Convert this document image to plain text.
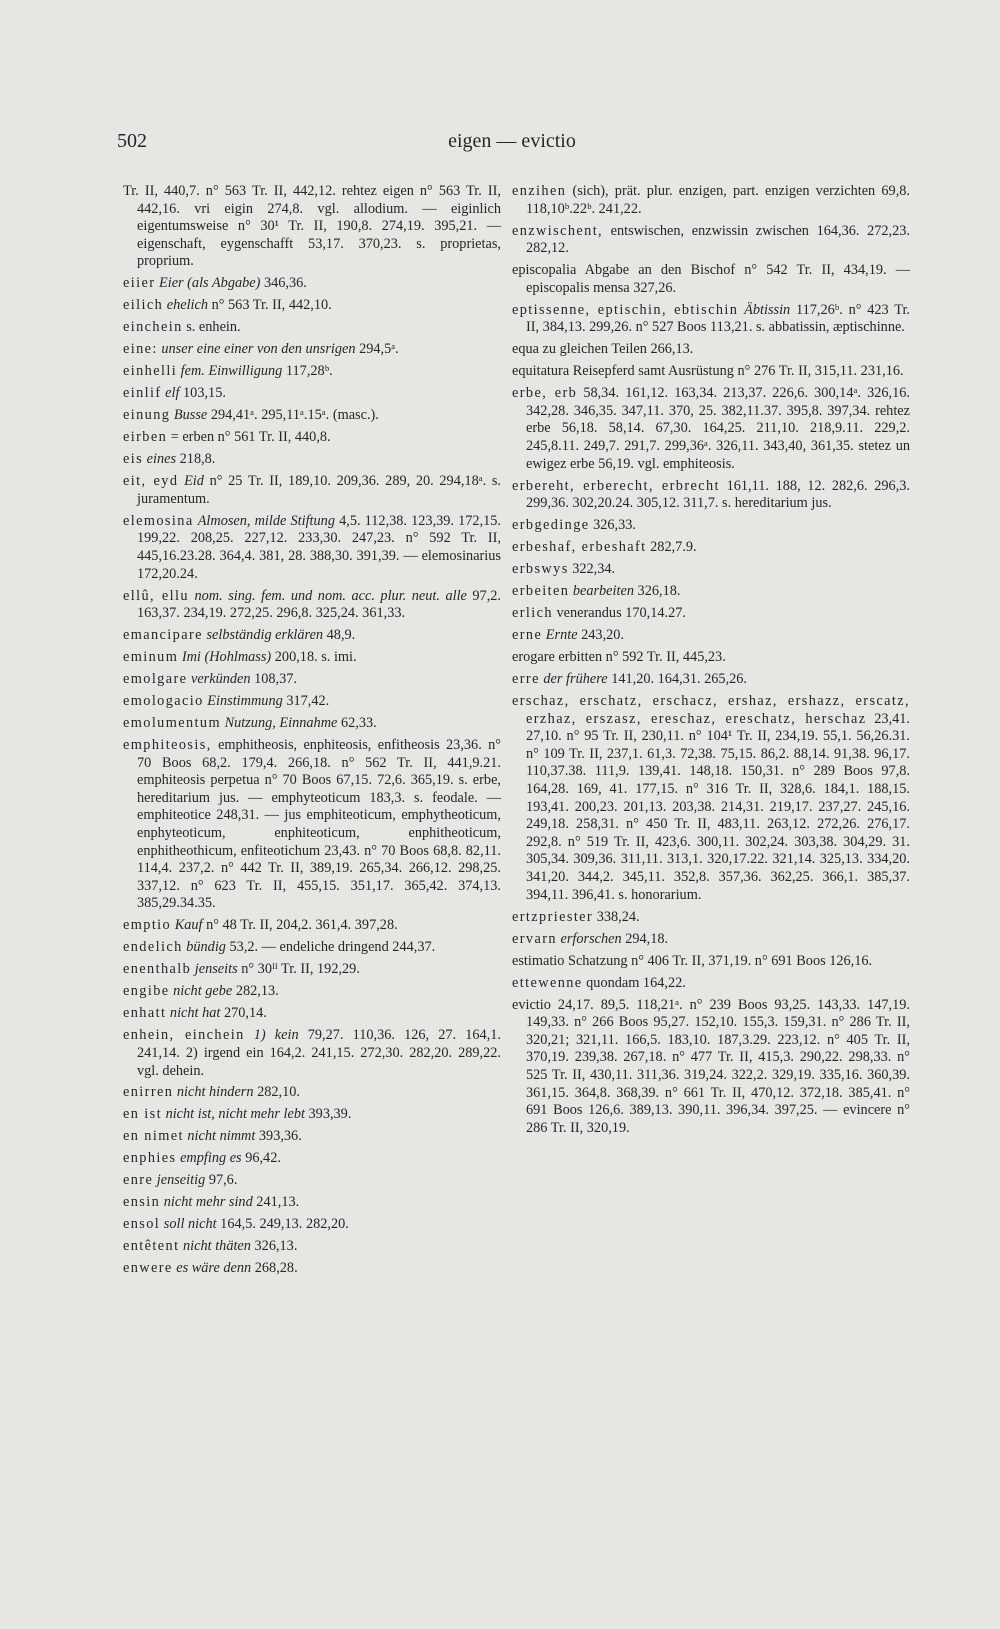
502	eigen — evictio

Tr. II, 440,7. n° 563 Tr. II, 442,12. rehtez eigen n° 563 Tr. II, 442,16. vri eigin 274,8. vgl. allodium. — eiginlich eigentumsweise n° 30¹ Tr. II, 190,8. 274,19. 395,21. — eigenschaft, eygenschafft 53,17. 370,23. s. proprietas, proprium.

eiier Eier (als Abgabe) 346,36.

eilich ehelich n° 563 Tr. II, 442,10.

einchein s. enhein.

eine: unser eine einer von den unsrigen 294,5ᵃ.

einhelli fem. Einwilligung 117,28ᵇ.

einlif elf 103,15.

einung Busse 294,41ᵃ. 295,11ᵃ.15ᵃ. (masc.).

eirben = erben n° 561 Tr. II, 440,8.

eis eines 218,8.

eit, eyd Eid n° 25 Tr. II, 189,10. 209,36. 289, 20. 294,18ᵃ. s. juramentum.

elemosina Almosen, milde Stiftung 4,5. 112,38. 123,39. 172,15. 199,22. 208,25. 227,12. 233,30. 247,23. n° 592 Tr. II, 445,16.23.28. 364,4. 381, 28. 388,30. 391,39. — elemosinarius 172,20.24.

ellû, ellu nom. sing. fem. und nom. acc. plur. neut. alle 97,2. 163,37. 234,19. 272,25. 296,8. 325,24. 361,33.

emancipare selbständig erklären 48,9.

eminum Imi (Hohlmass) 200,18. s. imi.

emolgare verkünden 108,37.

emologacio Einstimmung 317,42.

emolumentum Nutzung, Einnahme 62,33.

emphiteosis, emphitheosis, enphiteosis, enfitheosis 23,36. n° 70 Boos 68,2. 179,4. 266,18. n° 562 Tr. II, 441,9.21. emphiteosis perpetua n° 70 Boos 67,15. 72,6. 365,19. s. erbe, hereditarium jus. — emphyteoticum 183,3. s. feodale. — emphiteotice 248,31. — jus emphiteoticum, emphytheoticum, enphyteoticum, enphiteoticum, enphitheoticum, enphitheothicum, enfiteotichum 23,43. n° 70 Boos 68,8. 82,11. 114,4. 237,2. n° 442 Tr. II, 389,19. 265,34. 266,12. 298,25. 337,12. n° 623 Tr. II, 455,15. 351,17. 365,42. 374,13. 385,29.34.35.

emptio Kauf n° 48 Tr. II, 204,2. 361,4. 397,28.

endelich bündig 53,2. — endeliche dringend 244,37.

enenthalb jenseits n° 30ᴵᴵ Tr. II, 192,29.

engibe nicht gebe 282,13.

enhatt nicht hat 270,14.

enhein, einchein 1) kein 79,27. 110,36. 126, 27. 164,1. 241,14. 2) irgend ein 164,2. 241,15. 272,30. 282,20. 289,22. vgl. dehein.

enirren nicht hindern 282,10.

en ist nicht ist, nicht mehr lebt 393,39.

en nimet nicht nimmt 393,36.

enphies empfing es 96,42.

enre jenseitig 97,6.

ensin nicht mehr sind 241,13.

ensol soll nicht 164,5. 249,13. 282,20.

entêtent nicht thäten 326,13.

enwere es wäre denn 268,28.

enzihen (sich), prät. plur. enzigen, part. enzigen verzichten 69,8. 118,10ᵇ.22ᵇ. 241,22.

enzwischent, entswischen, enzwissin zwischen 164,36. 272,23. 282,12.

episcopalia Abgabe an den Bischof n° 542 Tr. II, 434,19. — episcopalis mensa 327,26.

eptissenne, eptischin, ebtischin Äbtissin 117,26ᵇ. n° 423 Tr. II, 384,13. 299,26. n° 527 Boos 113,21. s. abbatissin, æptischinne.

equa zu gleichen Teilen 266,13.

equitatura Reisepferd samt Ausrüstung n° 276 Tr. II, 315,11. 231,16.

erbe, erb 58,34. 161,12. 163,34. 213,37. 226,6. 300,14ᵃ. 326,16. 342,28. 346,35. 347,11. 370, 25. 382,11.37. 395,8. 397,34. rehtez erbe 56,18. 58,14. 67,30. 164,25. 211,10. 218,9.11. 229,2. 245,8.11. 249,7. 291,7. 299,36ᵃ. 326,11. 343,40, 361,35. stetez un ewigez erbe 56,19. vgl. emphiteosis.

erbereht, erberecht, erbrecht 161,11. 188, 12. 282,6. 296,3. 299,36. 302,20.24. 305,12. 311,7. s. hereditarium jus.

erbgedinge 326,33.

erbeshaf, erbeshaft 282,7.9.

erbswys 322,34.

erbeiten bearbeiten 326,18.

erlich venerandus 170,14.27.

erne Ernte 243,20.

erogare erbitten n° 592 Tr. II, 445,23.

erre der frühere 141,20. 164,31. 265,26.

erschaz, erschatz, erschacz, ershaz, ershazz, erscatz, erzhaz, erszasz, ereschaz, ereschatz, herschaz 23,41. 27,10. n° 95 Tr. II, 230,11. n° 104¹ Tr. II, 234,19. 55,1. 56,26.31. n° 109 Tr. II, 237,1. 61,3. 72,38. 75,15. 86,2. 88,14. 91,38. 96,17. 110,37.38. 111,9. 139,41. 148,18. 150,31. n° 289 Boos 97,8. 164,28. 169, 41. 177,15. n° 316 Tr. II, 328,6. 184,1. 188,15. 193,41. 200,23. 201,13. 203,38. 214,31. 219,17. 237,27. 245,16. 249,18. 258,31. n° 450 Tr. II, 483,11. 263,12. 272,26. 276,17. 292,8. n° 519 Tr. II, 423,6. 300,11. 302,24. 303,38. 304,29. 31. 305,34. 309,36. 311,11. 313,1. 320,17.22. 321,14. 325,13. 334,20. 341,20. 344,2. 345,11. 352,8. 357,36. 362,25. 366,1. 385,37. 394,11. 396,41. s. honorarium.

ertzpriester 338,24.

ervarn erforschen 294,18.

estimatio Schatzung n° 406 Tr. II, 371,19. n° 691 Boos 126,16.

ettewenne quondam 164,22.

evictio 24,17. 89,5. 118,21ᵃ. n° 239 Boos 93,25. 143,33. 147,19. 149,33. n° 266 Boos 95,27. 152,10. 155,3. 159,31. n° 286 Tr. II, 320,21; 321,11. 166,5. 183,10. 187,3.29. 223,12. n° 405 Tr. II, 370,19. 239,38. 267,18. n° 477 Tr. II, 415,3. 290,22. 298,33. n° 525 Tr. II, 430,11. 311,36. 319,24. 322,2. 329,19. 335,16. 360,39. 361,15. 364,8. 368,39. n° 661 Tr. II, 470,12. 372,18. 385,41. n° 691 Boos 126,6. 389,13. 390,11. 396,34. 397,25. — evincere n° 286 Tr. II, 320,19.
